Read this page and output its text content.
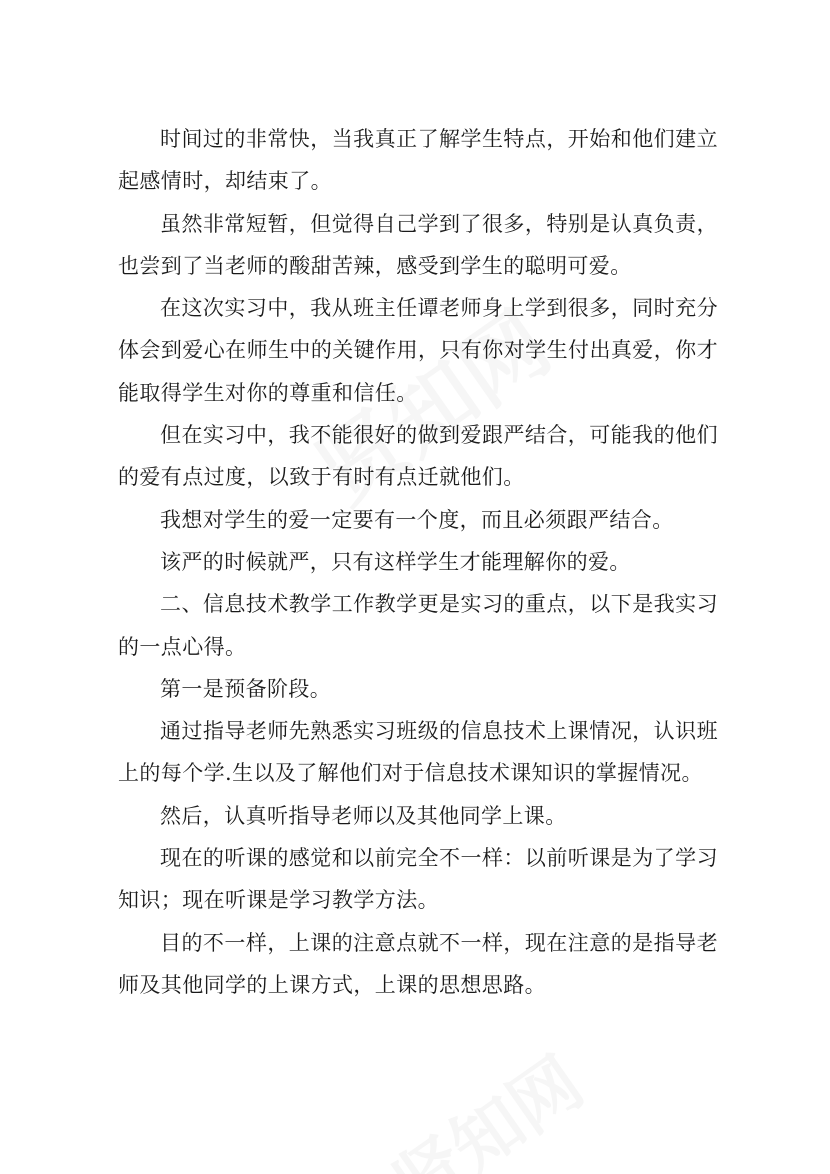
时间过的非常快，当我真正了解学生特点，开始和他们建立起感情时，却结束了。

虽然非常短暂，但觉得自己学到了很多，特别是认真负责，也尝到了当老师的酸甜苦辣，感受到学生的聪明可爱。

在这次实习中，我从班主任谭老师身上学到很多，同时充分体会到爱心在师生中的关键作用，只有你对学生付出真爱，你才能取得学生对你的尊重和信任。

但在实习中，我不能很好的做到爱跟严结合，可能我的他们的爱有点过度，以致于有时有点迁就他们。

我想对学生的爱一定要有一个度，而且必须跟严结合。

该严的时候就严，只有这样学生才能理解你的爱。

二、信息技术教学工作教学更是实习的重点，以下是我实习的一点心得。

第一是预备阶段。

通过指导老师先熟悉实习班级的信息技术上课情况，认识班上的每个学.生以及了解他们对于信息技术课知识的掌握情况。

然后，认真听指导老师以及其他同学上课。

现在的听课的感觉和以前完全不一样：以前听课是为了学习知识；现在听课是学习教学方法。

目的不一样，上课的注意点就不一样，现在注意的是指导老师及其他同学的上课方式，上课的思想思路。
